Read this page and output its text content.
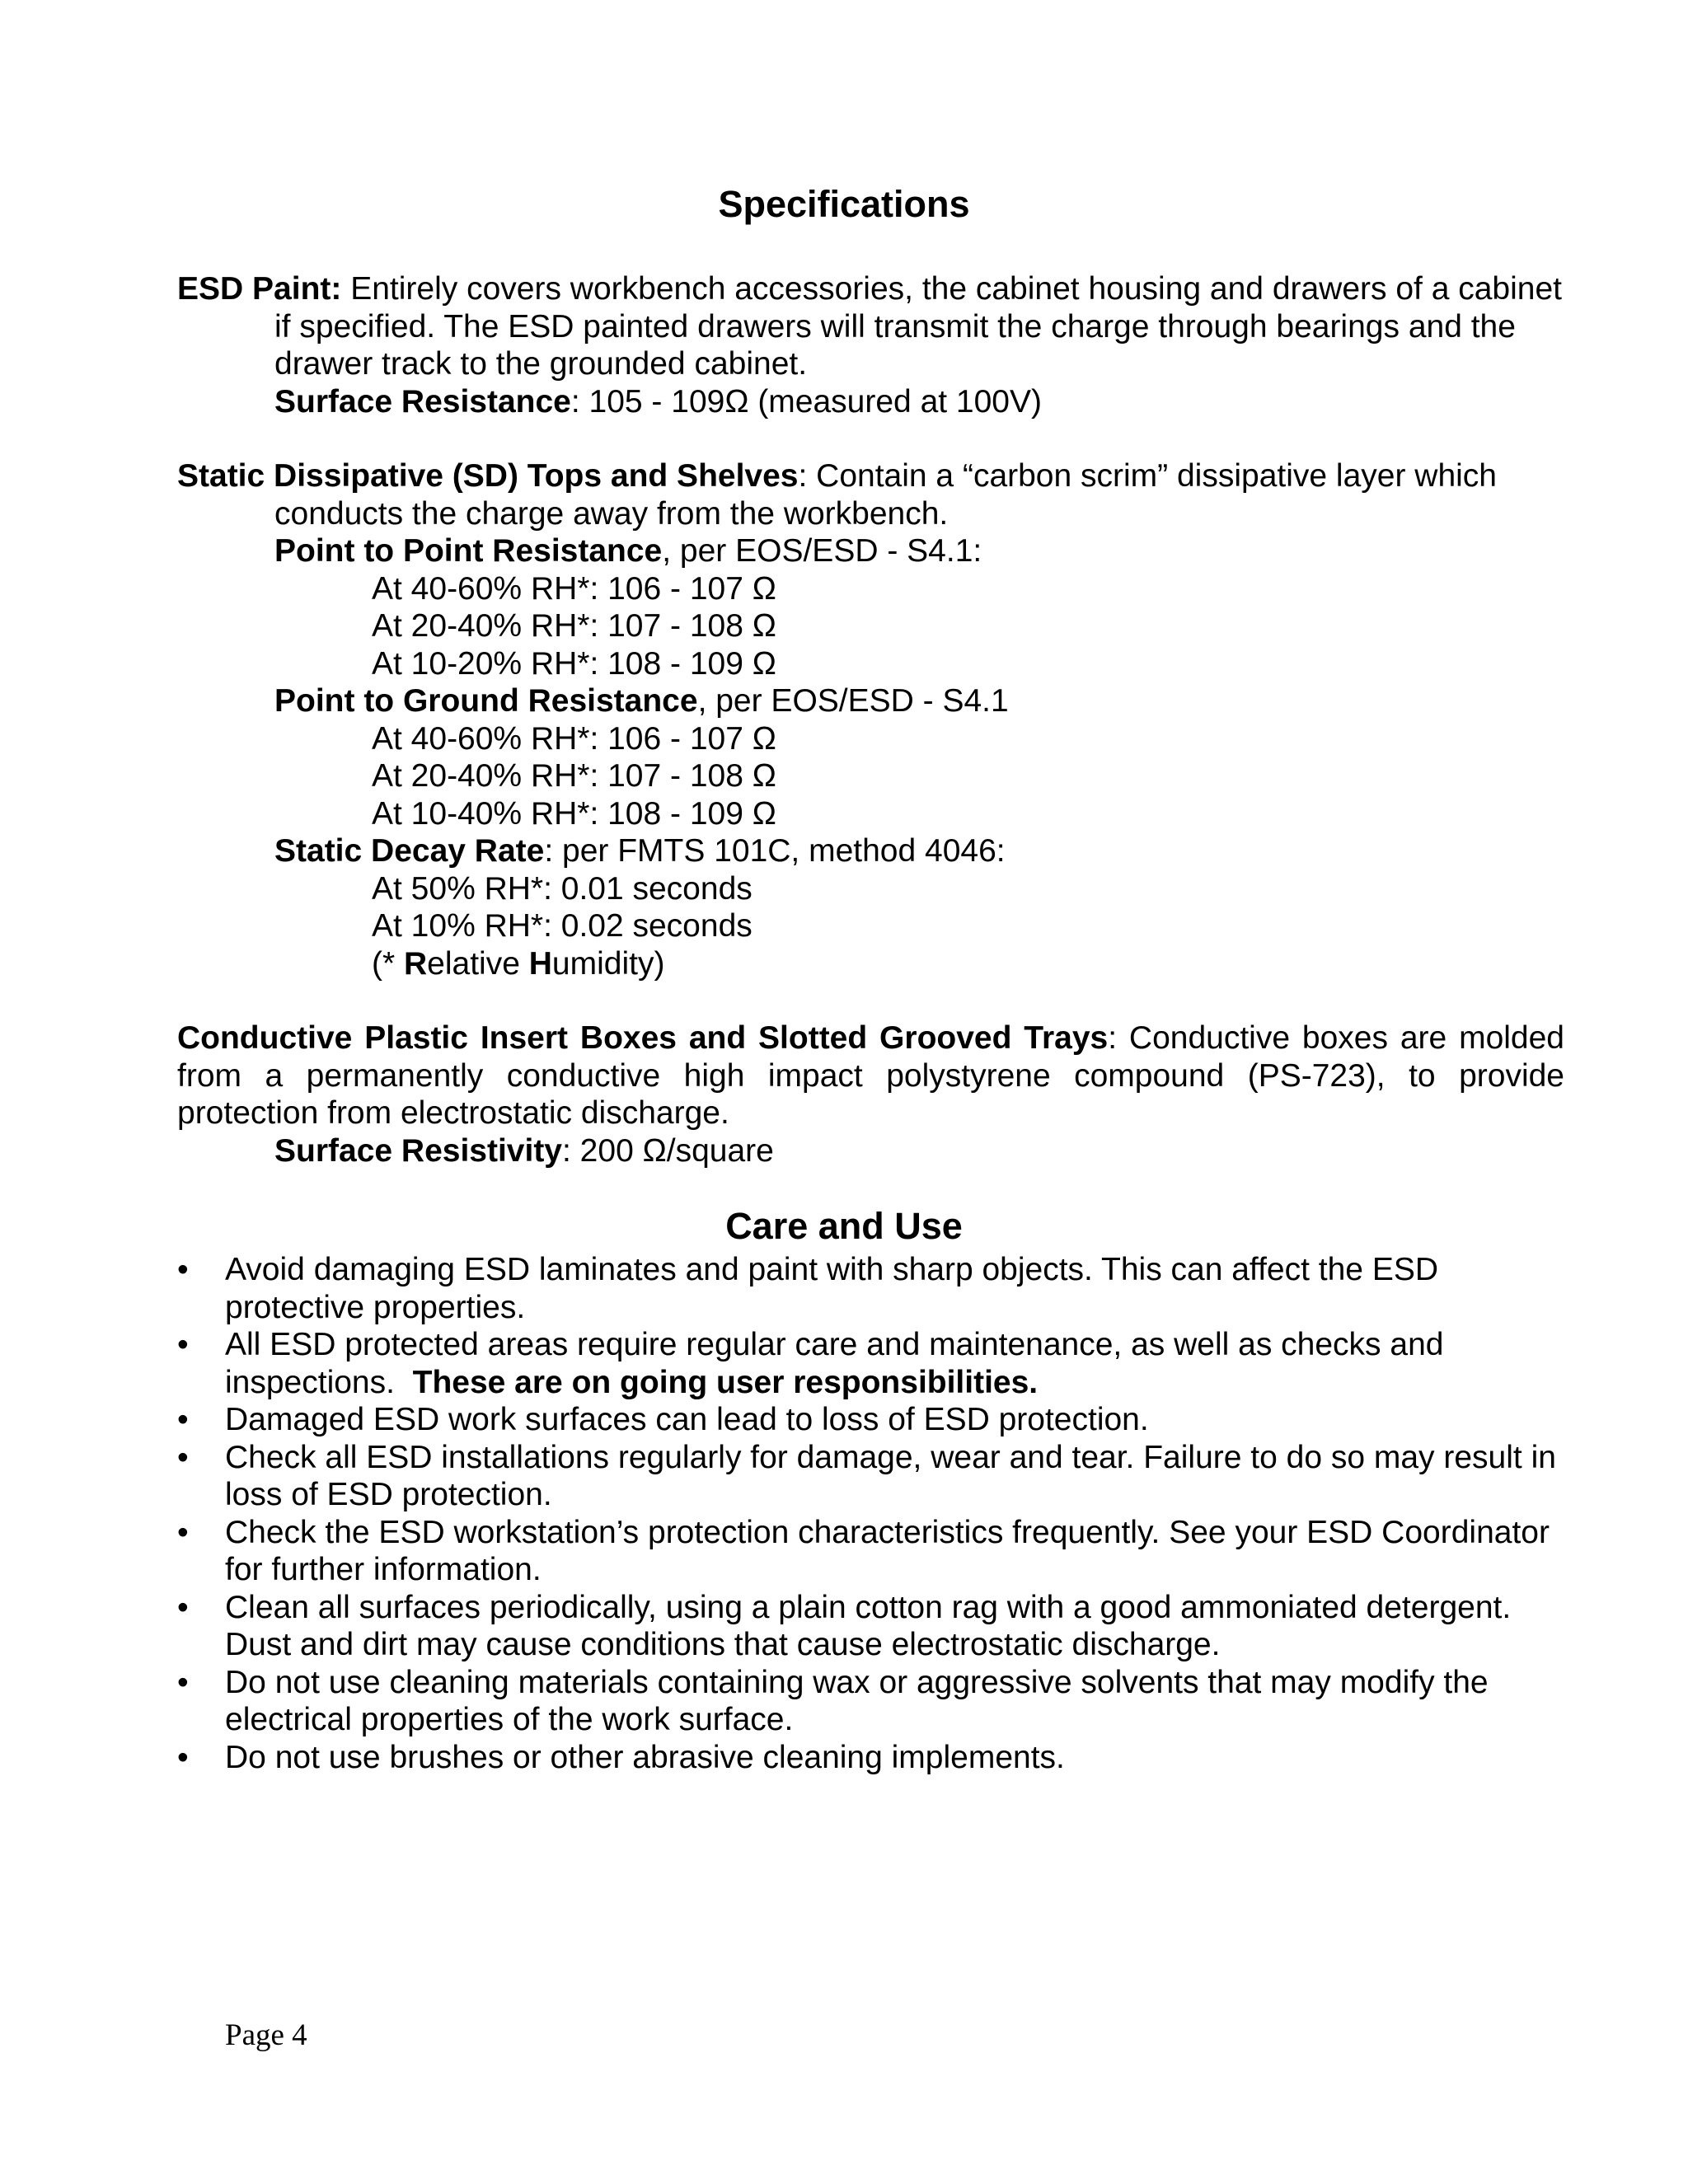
Specifications

ESD Paint: Entirely covers workbench accessories, the cabinet housing and drawers of a cabinet if specified. The ESD painted drawers will transmit the charge through bearings and the drawer track to the grounded cabinet.

Surface Resistance: 105 - 109Ω (measured at 100V)

Static Dissipative (SD) Tops and Shelves: Contain a “carbon scrim” dissipative layer which conducts the charge away from the workbench.

Point to Point Resistance, per EOS/ESD - S4.1:

At 40-60% RH*: 106 - 107 Ω

At 20-40% RH*: 107 - 108 Ω

At 10-20% RH*: 108 - 109 Ω

Point to Ground Resistance, per EOS/ESD - S4.1

At 40-60% RH*: 106 - 107 Ω

At 20-40% RH*: 107 - 108 Ω

At 10-40% RH*: 108 - 109 Ω

Static Decay Rate: per FMTS 101C, method 4046:

At 50% RH*: 0.01 seconds

At 10% RH*: 0.02 seconds

(* Relative Humidity)

Conductive Plastic Insert Boxes and Slotted Grooved Trays: Conductive boxes are molded from a permanently conductive high impact polystyrene compound (PS-723), to provide protection from electrostatic discharge.

Surface Resistivity: 200 Ω/square

Care and Use
• Avoid damaging ESD laminates and paint with sharp objects. This can affect the ESD protective properties.
• All ESD protected areas require regular care and maintenance, as well as checks and inspections.  These are on going user responsibilities.
• Damaged ESD work surfaces can lead to loss of ESD protection.
• Check all ESD installations regularly for damage, wear and tear. Failure to do so may result in loss of ESD protection.
• Check the ESD workstation’s protection characteristics frequently. See your ESD Coordinator for further information.
• Clean all surfaces periodically, using a plain cotton rag with a good ammoniated detergent. Dust and dirt may cause conditions that cause electrostatic discharge.
• Do not use cleaning materials containing wax or aggressive solvents that may modify the electrical properties of the work surface.
• Do not use brushes or other abrasive cleaning implements.
Page 4
